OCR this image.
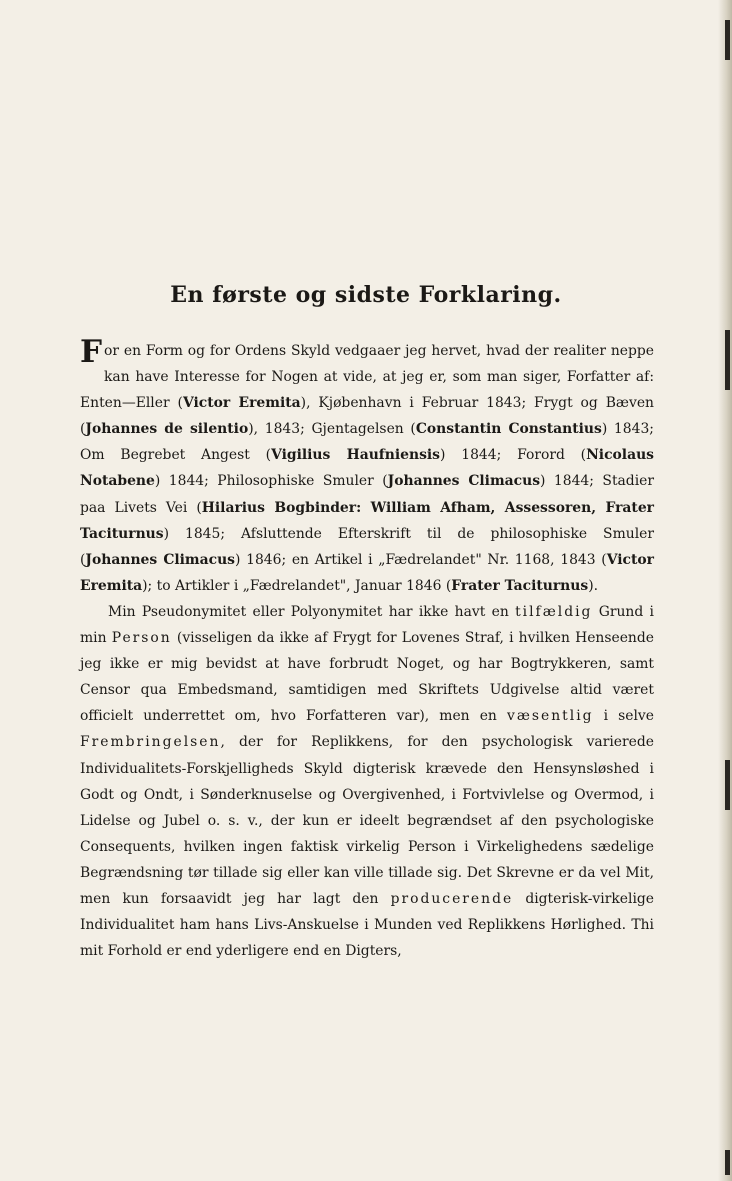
En første og sidste Forklaring.

For en Form og for Ordens Skyld vedgaaer jeg hervet, hvad der realiter neppe kan have Interesse for Nogen at vide, at jeg er, som man siger, Forfatter af: Enten—Eller (Victor Eremita), Kjøbenhavn i Februar 1843; Frygt og Bæven (Johannes de silentio), 1843; Gjentagelsen (Constantin Constantius) 1843; Om Begrebet Angest (Vigilius Haufniensis) 1844; Forord (Nicolaus Notabene) 1844; Philosophiske Smuler (Johannes Climacus) 1844; Stadier paa Livets Vei (Hilarius Bogbinder: William Afham, Assessoren, Frater Taciturnus) 1845; Afsluttende Efterskrift til de philosophiske Smuler (Johannes Climacus) 1846; en Artikel i „Fædrelandet" Nr. 1168, 1843 (Victor Eremita); to Artikler i „Fædrelandet", Januar 1846 (Frater Taciturnus).

Min Pseudonymitet eller Polyonymitet har ikke havt en tilfældig Grund i min Person (visseligen da ikke af Frygt for Lovenes Straf, i hvilken Henseende jeg ikke er mig bevidst at have forbrudt Noget, og har Bogtrykkeren, samt Censor qua Embedsmand, samtidigen med Skriftets Udgivelse altid været officielt underrettet om, hvo Forfatteren var), men en væsentlig i selve Frembringelsen, der for Replikkens, for den psychologisk varierede Individualitets-Forskjelligheds Skyld digterisk krævede den Hensynsløshed i Godt og Ondt, i Sønderknuselse og Overgivenhed, i Fortvivlelse og Overmod, i Lidelse og Jubel o. s. v., der kun er ideelt begrændset af den psychologiske Consequents, hvilken ingen faktisk virkelig Person i Virkelighedens sædelige Begrændsning tør tillade sig eller kan ville tillade sig. Det Skrevne er da vel Mit, men kun forsaavidt jeg har lagt den producerende digterisk-virkelige Individualitet ham hans Livs-Anskuelse i Munden ved Replikkens Hørlighed. Thi mit Forhold er end yderligere end en Digters,
